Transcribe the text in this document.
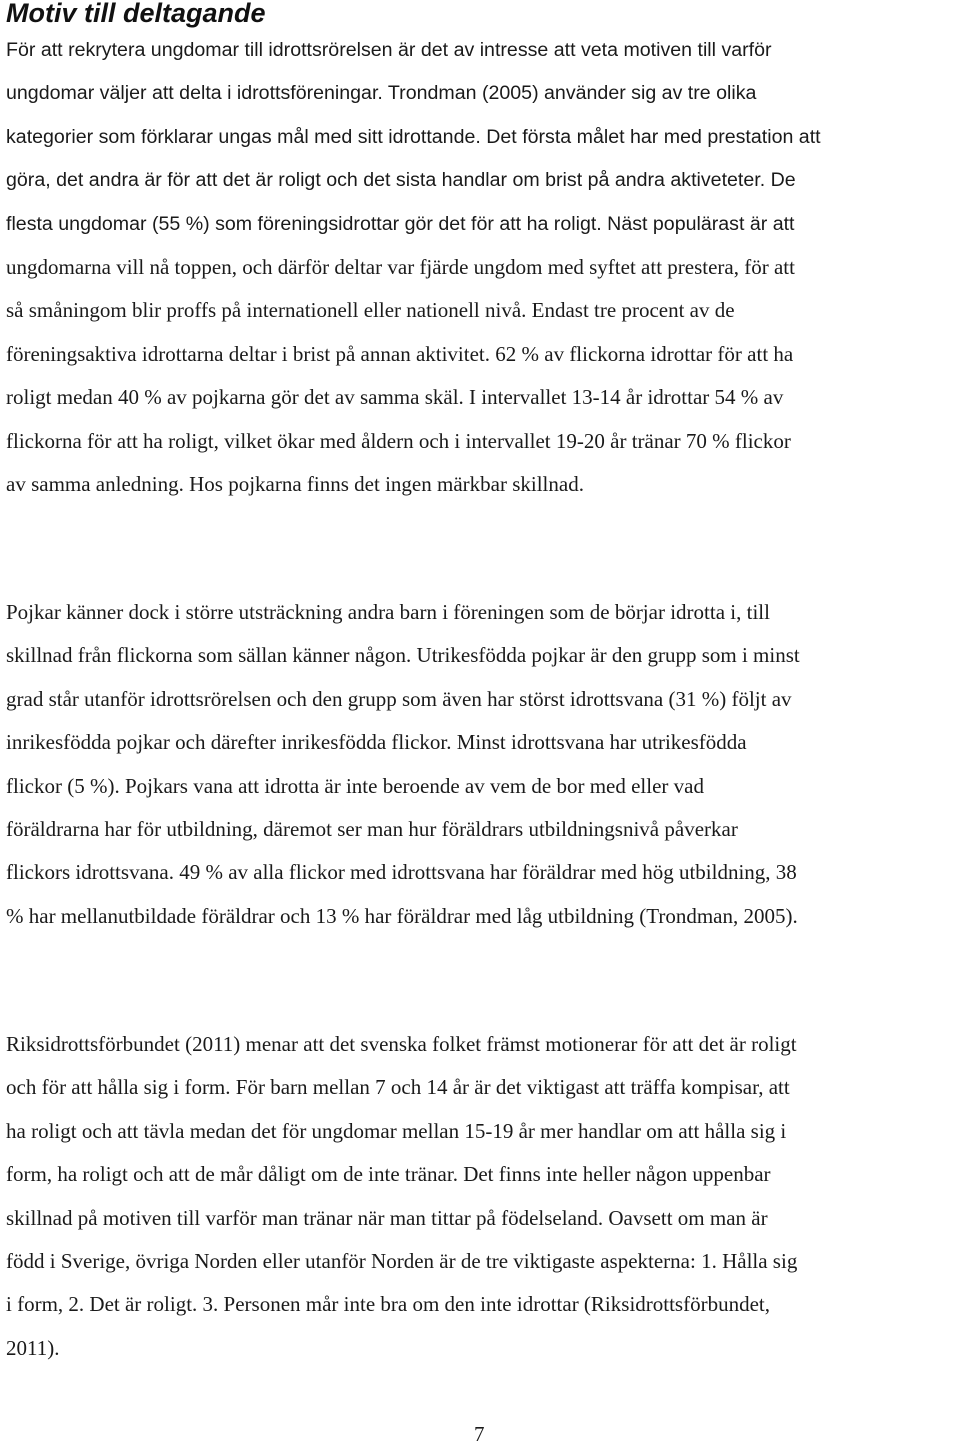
Motiv till deltagande

För att rekrytera ungdomar till idrottsrörelsen är det av intresse att veta motiven till varför
ungdomar väljer att delta i idrottsföreningar. Trondman (2005) använder sig av tre olika
kategorier som förklarar ungas mål med sitt idrottande. Det första målet har med prestation att
göra, det andra är för att det är roligt och det sista handlar om brist på andra aktiveteter. De
flesta ungdomar (55 %) som föreningsidrottar gör det för att ha roligt. Näst populärast är att
ungdomarna vill nå toppen, och därför deltar var fjärde ungdom med syftet att prestera, för att
så småningom blir proffs på internationell eller nationell nivå. Endast tre procent av de
föreningsaktiva idrottarna deltar i brist på annan aktivitet. 62 % av flickorna idrottar för att ha
roligt medan 40 % av pojkarna gör det av samma skäl. I intervallet 13-14 år idrottar 54 % av
flickorna för att ha roligt, vilket ökar med åldern och i intervallet 19-20 år tränar 70 % flickor
av samma anledning. Hos pojkarna finns det ingen märkbar skillnad.

Pojkar känner dock i större utsträckning andra barn i föreningen som de börjar idrotta i, till
skillnad från flickorna som sällan känner någon. Utrikesfödda pojkar är den grupp som i minst
grad står utanför idrottsrörelsen och den grupp som även har störst idrottsvana (31 %) följt av
inrikesfödda pojkar och därefter inrikesfödda flickor. Minst idrottsvana har utrikesfödda
flickor (5 %). Pojkars vana att idrotta är inte beroende av vem de bor med eller vad
föräldrarna har för utbildning, däremot ser man hur föräldrars utbildningsnivå påverkar
flickors idrottsvana. 49 % av alla flickor med idrottsvana har föräldrar med hög utbildning, 38
% har mellanutbildade föräldrar och 13 % har föräldrar med låg utbildning (Trondman, 2005).

Riksidrottsförbundet (2011) menar att det svenska folket främst motionerar för att det är roligt
och för att hålla sig i form. För barn mellan 7 och 14 år är det viktigast att träffa kompisar, att
ha roligt och att tävla medan det för ungdomar mellan 15-19 år mer handlar om att hålla sig i
form, ha roligt och att de mår dåligt om de inte tränar. Det finns inte heller någon uppenbar
skillnad på motiven till varför man tränar när man tittar på födelseland. Oavsett om man är
född i Sverige, övriga Norden eller utanför Norden är de tre viktigaste aspekterna: 1. Hålla sig
i form, 2. Det är roligt. 3. Personen mår inte bra om den inte idrottar (Riksidrottsförbundet,
2011).

7
